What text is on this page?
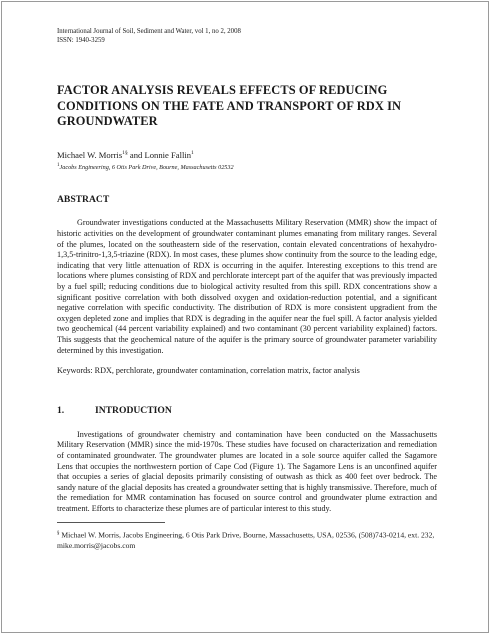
International Journal of Soil, Sediment and Water, vol 1, no 2, 2008
ISSN: 1940-3259
FACTOR ANALYSIS REVEALS EFFECTS OF REDUCING CONDITIONS ON THE FATE AND TRANSPORT OF RDX IN GROUNDWATER
Michael W. Morris$^{1\S}$ and Lonnie Fallin$^1$
$^1$Jacobs Engineering, 6 Otis Park Drive, Bourne, Massachusetts 02532
ABSTRACT
Groundwater investigations conducted at the Massachusetts Military Reservation (MMR) show the impact of historic activities on the development of groundwater contaminant plumes emanating from military ranges. Several of the plumes, located on the southeastern side of the reservation, contain elevated concentrations of hexahydro-1,3,5-trinitro-1,3,5-triazine (RDX). In most cases, these plumes show continuity from the source to the leading edge, indicating that very little attenuation of RDX is occurring in the aquifer. Interesting exceptions to this trend are locations where plumes consisting of RDX and perchlorate intercept part of the aquifer that was previously impacted by a fuel spill; reducing conditions due to biological activity resulted from this spill. RDX concentrations show a significant positive correlation with both dissolved oxygen and oxidation-reduction potential, and a significant negative correlation with specific conductivity. The distribution of RDX is more consistent upgradient from the oxygen depleted zone and implies that RDX is degrading in the aquifer near the fuel spill. A factor analysis yielded two geochemical (44 percent variability explained) and two contaminant (30 percent variability explained) factors. This suggests that the geochemical nature of the aquifer is the primary source of groundwater parameter variability determined by this investigation.
Keywords: RDX, perchlorate, groundwater contamination, correlation matrix, factor analysis
1.	INTRODUCTION
Investigations of groundwater chemistry and contamination have been conducted on the Massachusetts Military Reservation (MMR) since the mid-1970s. These studies have focused on characterization and remediation of contaminated groundwater. The groundwater plumes are located in a sole source aquifer called the Sagamore Lens that occupies the northwestern portion of Cape Cod (Figure 1). The Sagamore Lens is an unconfined aquifer that occupies a series of glacial deposits primarily consisting of outwash as thick as 400 feet over bedrock. The sandy nature of the glacial deposits has created a groundwater setting that is highly transmissive. Therefore, much of the remediation for MMR contamination has focused on source control and groundwater plume extraction and treatment. Efforts to characterize these plumes are of particular interest to this study.
§ Michael W. Morris, Jacobs Engineering, 6 Otis Park Drive, Bourne, Massachusetts, USA, 02536, (508)743-0214, ext. 232, mike.morris@jacobs.com
